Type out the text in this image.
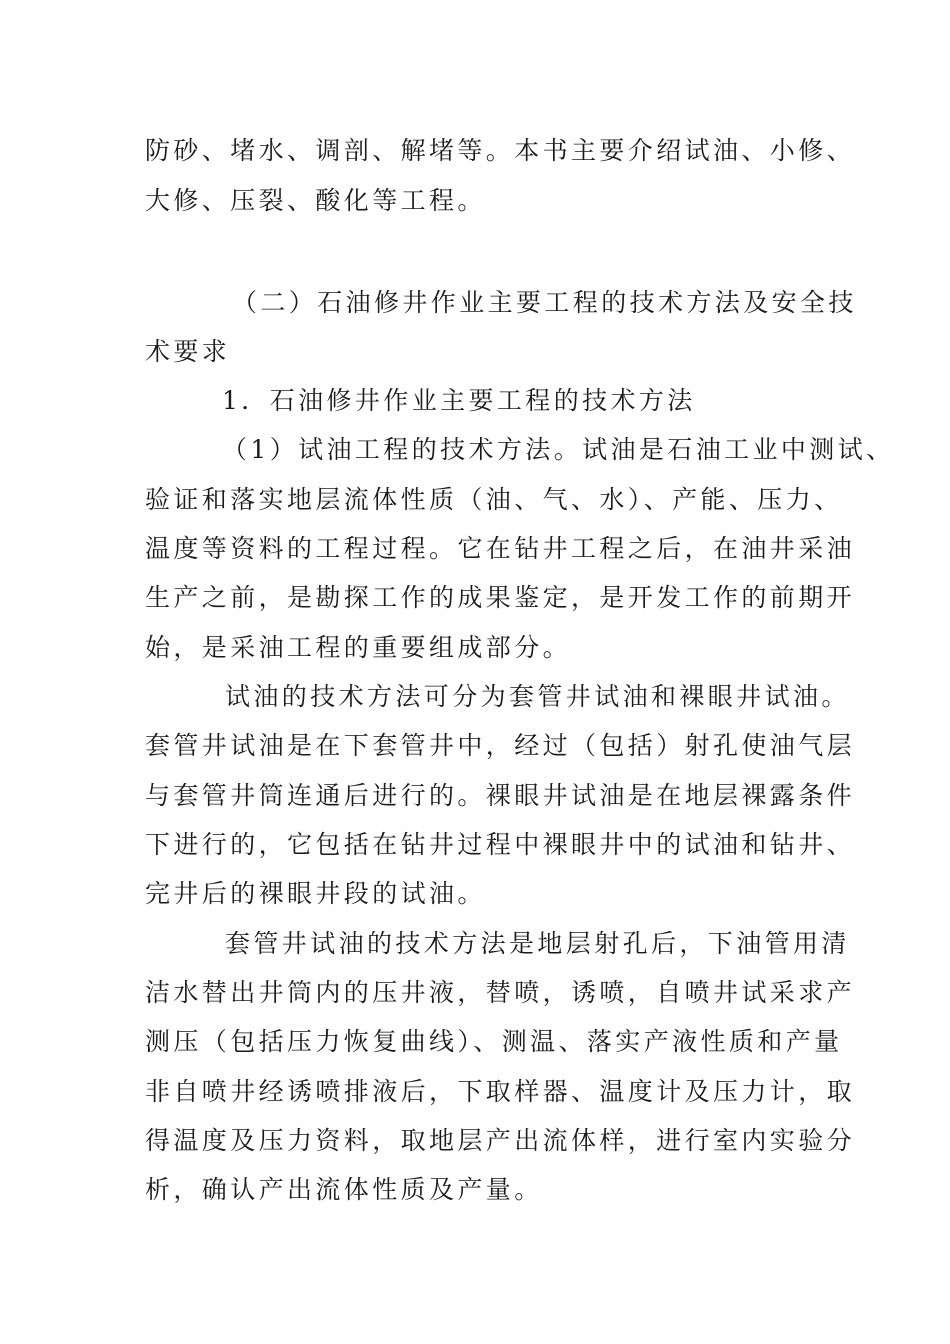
防砂、堵水、调剖、解堵等。本书主要介绍试油、小修、

大修、压裂、酸化等工程。

（二）石油修井作业主要工程的技术方法及安全技

术要求

1．石油修井作业主要工程的技术方法

（1）试油工程的技术方法。试油是石油工业中测试、

验证和落实地层流体性质（油、气、水）、产能、压力、

温度等资料的工程过程。它在钻井工程之后，在油井采油

生产之前，是勘探工作的成果鉴定，是开发工作的前期开

始，是采油工程的重要组成部分。

试油的技术方法可分为套管井试油和裸眼井试油。

套管井试油是在下套管井中，经过（包括）射孔使油气层

与套管井筒连通后进行的。裸眼井试油是在地层裸露条件

下进行的，它包括在钻井过程中裸眼井中的试油和钻井、

完井后的裸眼井段的试油。

套管井试油的技术方法是地层射孔后，下油管用清

洁水替出井筒内的压井液，替喷，诱喷，自喷井试采求产

测压（包括压力恢复曲线）、测温、落实产液性质和产量

非自喷井经诱喷排液后，下取样器、温度计及压力计，取

得温度及压力资料，取地层产出流体样，进行室内实验分

析，确认产出流体性质及产量。
